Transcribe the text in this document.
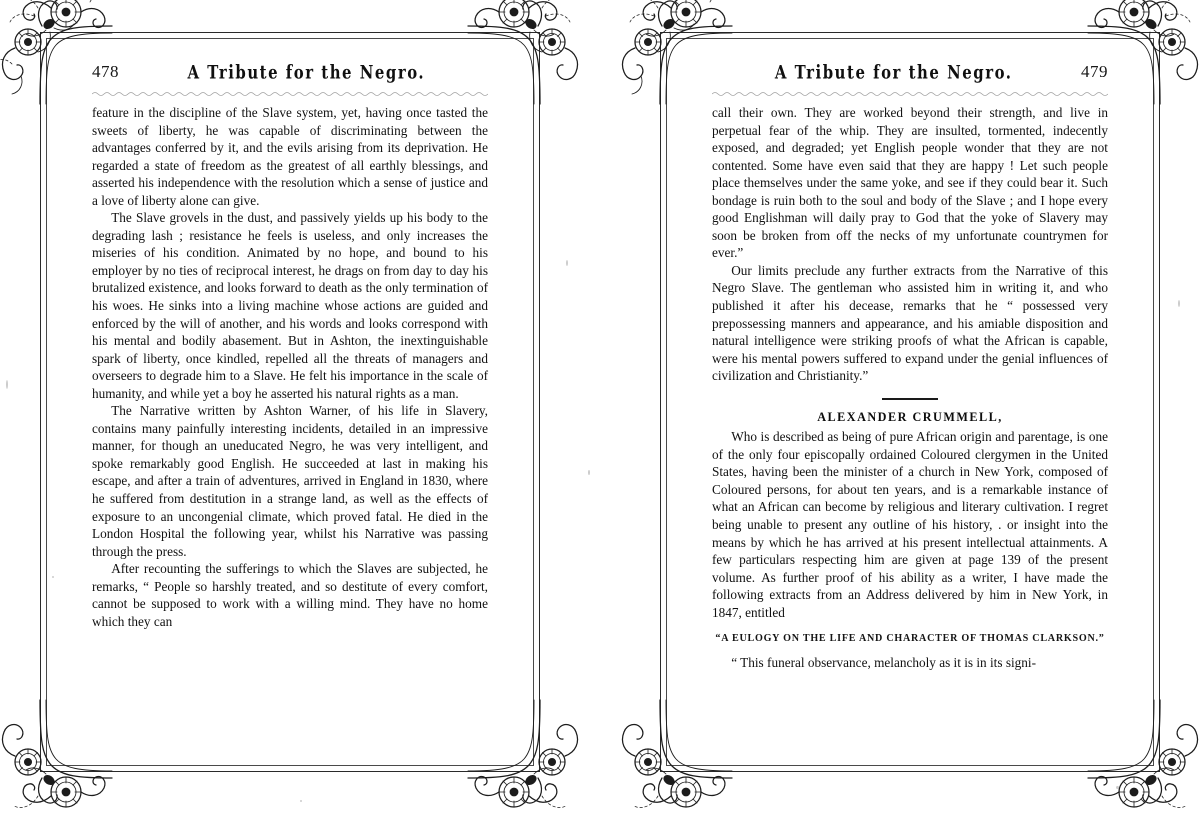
478	A Tribute for the Negro.

feature in the discipline of the Slave system, yet, having once tasted the sweets of liberty, he was capable of discriminating between the advantages conferred by it, and the evils arising from its deprivation. He regarded a state of freedom as the greatest of all earthly blessings, and asserted his independence with the resolution which a sense of justice and a love of liberty alone can give.

The Slave grovels in the dust, and passively yields up his body to the degrading lash ; resistance he feels is useless, and only increases the miseries of his condition. Animated by no hope, and bound to his employer by no ties of reciprocal interest, he drags on from day to day his brutalized existence, and looks forward to death as the only termination of his woes. He sinks into a living machine whose actions are guided and enforced by the will of another, and his words and looks correspond with his mental and bodily abasement. But in Ashton, the inextinguishable spark of liberty, once kindled, repelled all the threats of managers and overseers to degrade him to a Slave. He felt his importance in the scale of humanity, and while yet a boy he asserted his natural rights as a man.

The Narrative written by Ashton Warner, of his life in Slavery, contains many painfully interesting incidents, detailed in an impressive manner, for though an uneducated Negro, he was very intelligent, and spoke remarkably good English. He succeeded at last in making his escape, and after a train of adventures, arrived in England in 1830, where he suffered from destitution in a strange land, as well as the effects of exposure to an uncongenial climate, which proved fatal. He died in the London Hospital the following year, whilst his Narrative was passing through the press.

After recounting the sufferings to which the Slaves are subjected, he remarks, “ People so harshly treated, and so destitute of every comfort, cannot be supposed to work with a willing mind. They have no home which they can

A Tribute for the Negro.	479

call their own. They are worked beyond their strength, and live in perpetual fear of the whip. They are insulted, tormented, indecently exposed, and degraded; yet English people wonder that they are not contented. Some have even said that they are happy ! Let such people place themselves under the same yoke, and see if they could bear it. Such bondage is ruin both to the soul and body of the Slave ; and I hope every good Englishman will daily pray to God that the yoke of Slavery may soon be broken from off the necks of my unfortunate countrymen for ever.”

Our limits preclude any further extracts from the Narrative of this Negro Slave. The gentleman who assisted him in writing it, and who published it after his decease, remarks that he “ possessed very prepossessing manners and appearance, and his amiable disposition and natural intelligence were striking proofs of what the African is capable, were his mental powers suffered to expand under the genial influences of civilization and Christianity.”

ALEXANDER CRUMMELL,

Who is described as being of pure African origin and parentage, is one of the only four episcopally ordained Coloured clergymen in the United States, having been the minister of a church in New York, composed of Coloured persons, for about ten years, and is a remarkable instance of what an African can become by religious and literary cultivation. I regret being unable to present any outline of his history, . or insight into the means by which he has arrived at his present intellectual attainments. A few particulars respecting him are given at page 139 of the present volume. As further proof of his ability as a writer, I have made the following extracts from an Address delivered by him in New York, in 1847, entitled

“A EULOGY ON THE LIFE AND CHARACTER OF THOMAS CLARKSON.”

“ This funeral observance, melancholy as it is in its signi-
